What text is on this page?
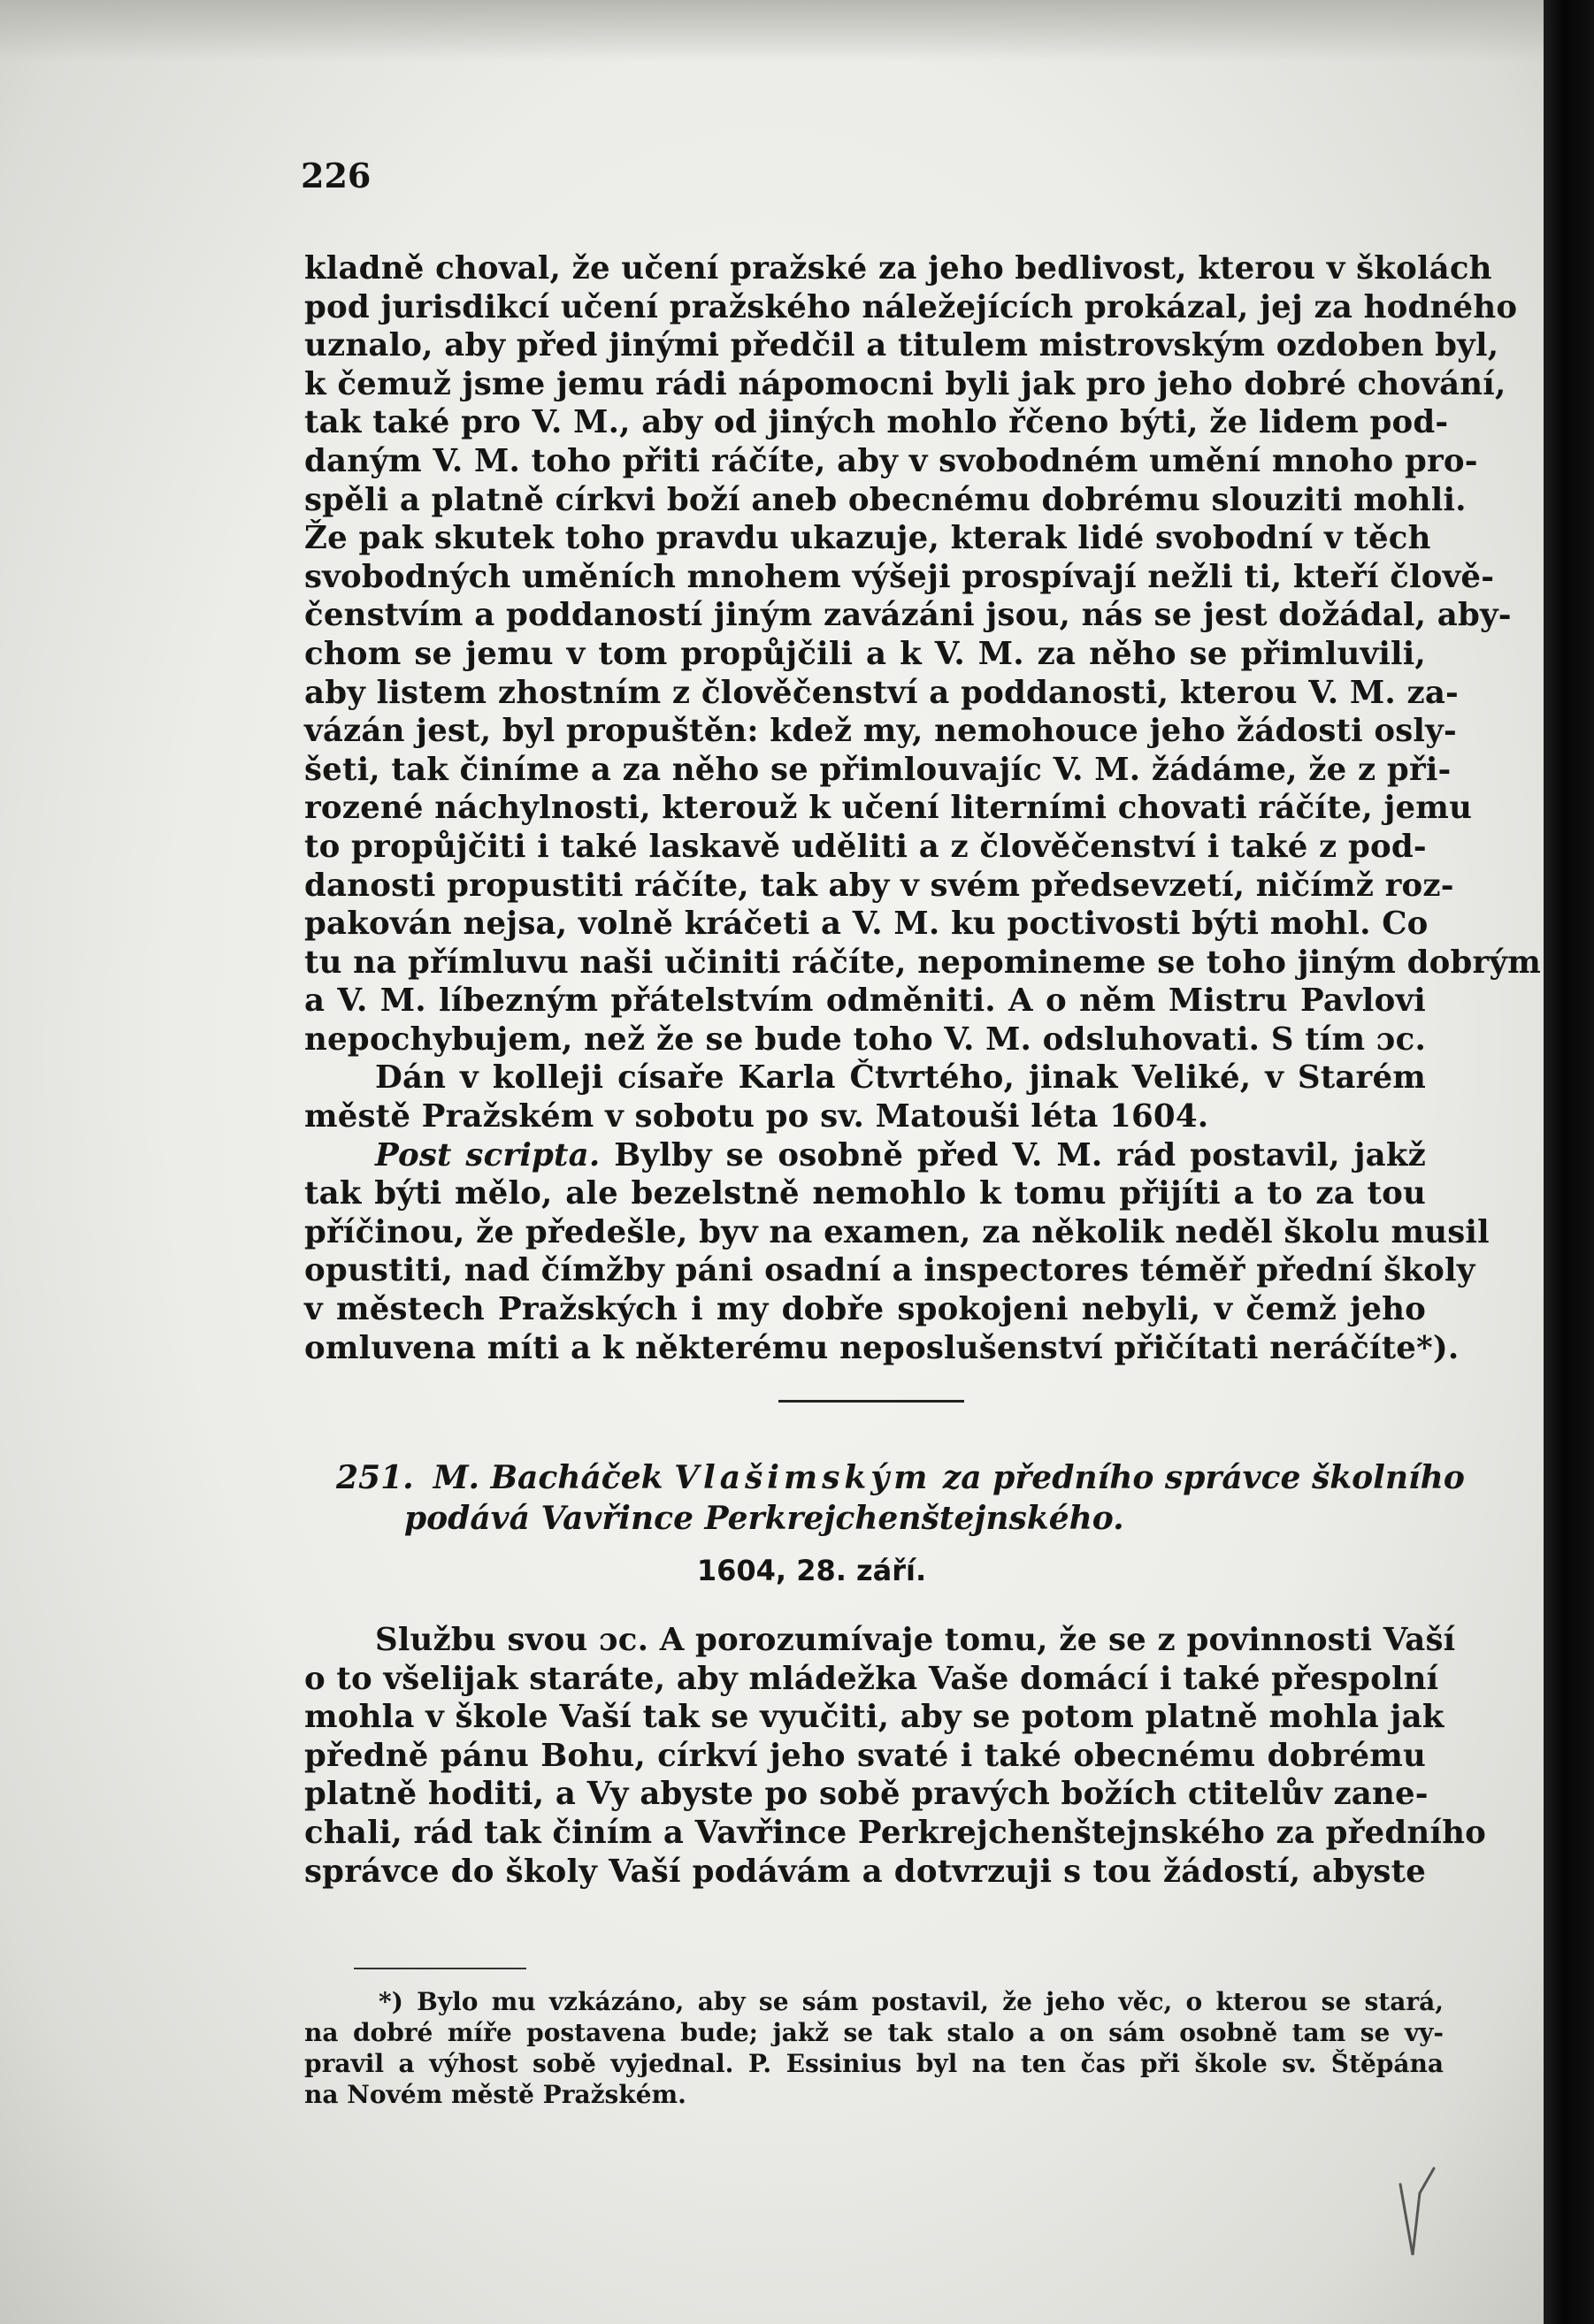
226
kladně choval, že učení pražské za jeho bedlivost, kterou v školách
pod jurisdikcí učení pražského náležejících prokázal, jej za hodného
uznalo, aby před jinými předčil a titulem mistrovským ozdoben byl,
k čemuž jsme jemu rádi nápomocni byli jak pro jeho dobré chování,
tak také pro V. M., aby od jiných mohlo řčeno býti, že lidem pod-
daným V. M. toho přiti ráčíte, aby v svobodném umění mnoho pro-
spěli a platně církvi boží aneb obecnému dobrému slouziti mohli.
Že pak skutek toho pravdu ukazuje, kterak lidé svobodní v těch
svobodných uměních mnohem výšeji prospívají nežli ti, kteří člově-
čenstvím a poddaností jiným zavázáni jsou, nás se jest dožádal, aby-
chom se jemu v tom propůjčili a k V. M. za něho se přimluvili,
aby listem zhostním z člověčenství a poddanosti, kterou V. M. za-
vázán jest, byl propuštěn: kdež my, nemohouce jeho žádosti osly-
šeti, tak činíme a za něho se přimlouvajíc V. M. žádáme, že z při-
rozené náchylnosti, kterouž k učení literními chovati ráčíte, jemu
to propůjčiti i také laskavě uděliti a z člověčenství i také z pod-
danosti propustiti ráčíte, tak aby v svém předsevzetí, ničímž roz-
pakován nejsa, volně kráčeti a V. M. ku poctivosti býti mohl. Co
tu na přímluvu naši učiniti ráčíte, nepomineme se toho jiným dobrým
a V. M. líbezným přátelstvím odměniti. A o něm Mistru Pavlovi
nepochybujem, než že se bude toho V. M. odsluhovati. S tím ɔc.
Dán v kolleji císaře Karla Čtvrtého, jinak Veliké, v Starém
městě Pražském v sobotu po sv. Matouši léta 1604.
Post scripta. Bylby se osobně před V. M. rád postavil, jakž
tak býti mělo, ale bezelstně nemohlo k tomu přijíti a to za tou
příčinou, že předešle, byv na examen, za několik neděl školu musil
opustiti, nad čímžby páni osadní a inspectores téměř přední školy
v městech Pražských i my dobře spokojeni nebyli, v čemž jeho
omluvena míti a k některému neposlušenství přičítati neráčíte*).
251. M. Bacháček Vlašimským za předního správce školního
podává Vavřince Perkrejchenštejnského.
1604, 28. září.
Službu svou ɔc. A porozumívaje tomu, že se z povinnosti Vaší
o to všelijak staráte, aby mládežka Vaše domácí i také přespolní
mohla v škole Vaší tak se vyučiti, aby se potom platně mohla jak
předně pánu Bohu, církví jeho svaté i také obecnému dobrému
platně hoditi, a Vy abyste po sobě pravých božích ctitelův zane-
chali, rád tak činím a Vavřince Perkrejchenštejnského za předního
správce do školy Vaší podávám a dotvrzuji s tou žádostí, abyste
*) Bylo mu vzkázáno, aby se sám postavil, že jeho věc, o kterou se stará,
na dobré míře postavena bude; jakž se tak stalo a on sám osobně tam se vy-
pravil a výhost sobě vyjednal. P. Essinius byl na ten čas při škole sv. Štěpána
na Novém městě Pražském.
